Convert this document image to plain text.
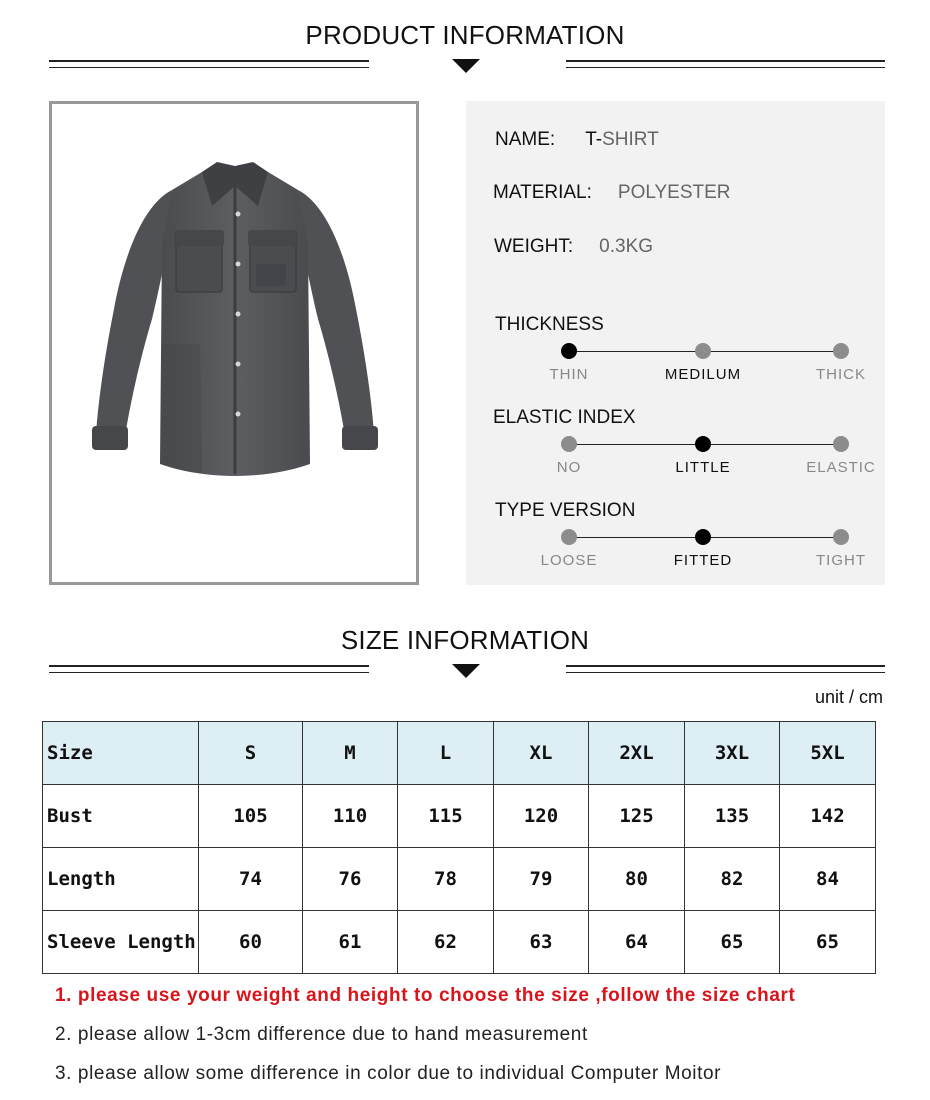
PRODUCT INFORMATION
NAME: T-SHIRT
MATERIAL: POLYESTER
WEIGHT: 0.3KG
THICKNESS
THIN	MEDILUM	THICK
ELASTIC INDEX
NO	LITTLE	ELASTIC
TYPE VERSION
LOOSE	FITTED	TIGHT
SIZE INFORMATION
unit / cm
Size	S	M	L	XL	2XL	3XL	5XL
Bust	105	110	115	120	125	135	142
Length	74	76	78	79	80	82	84
Sleeve Length	60	61	62	63	64	65	65
1. please use your weight and height to choose the size ,follow the size chart
2. please allow 1-3cm difference due to hand measurement
3. please allow some difference in color due to individual Computer Moitor
